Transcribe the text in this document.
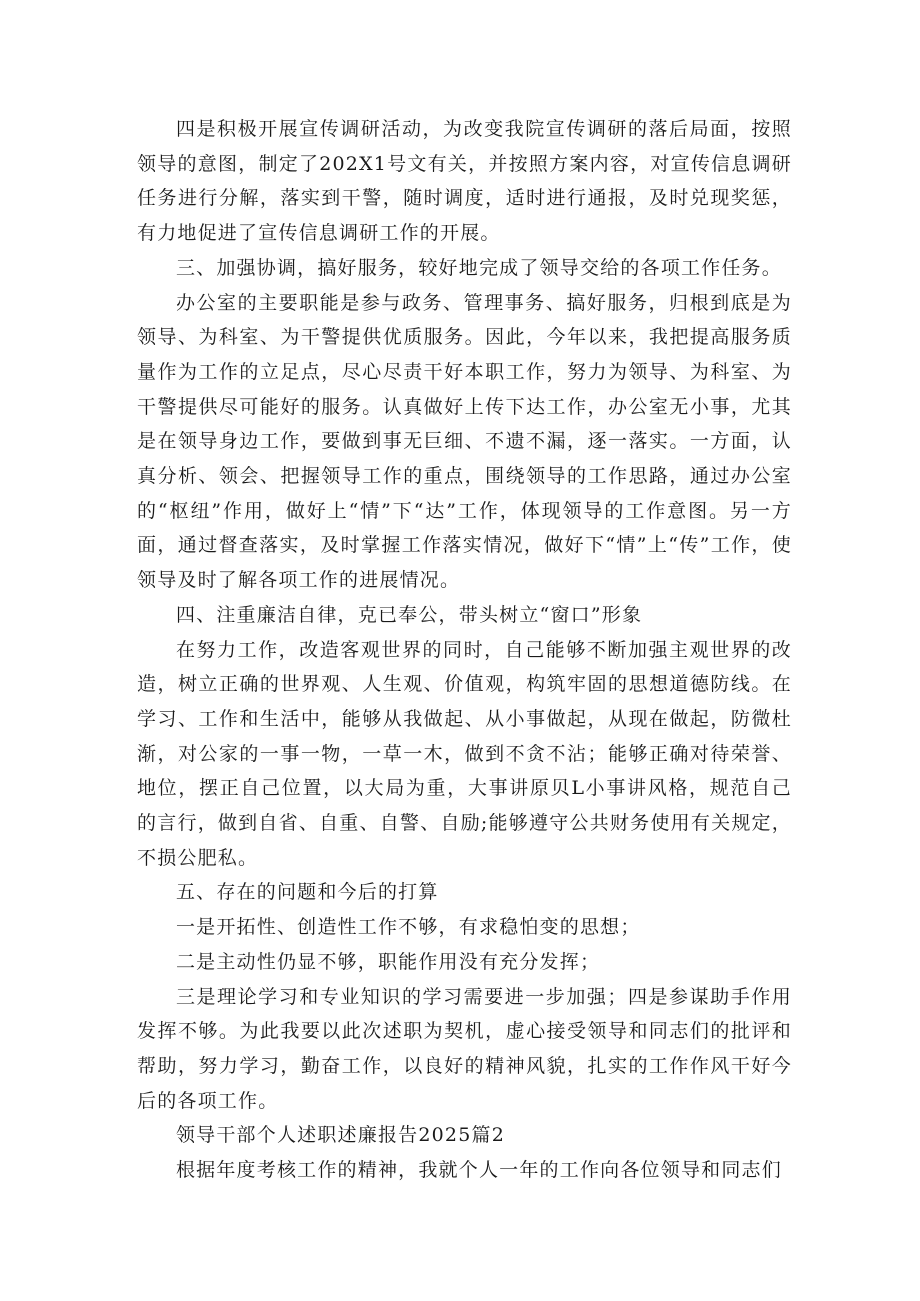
四是积极开展宣传调研活动，为改变我院宣传调研的落后局面，按照领导的意图，制定了202X1号文有关，并按照方案内容，对宣传信息调研任务进行分解，落实到干警，随时调度，适时进行通报，及时兑现奖惩，有力地促进了宣传信息调研工作的开展。

三、加强协调，搞好服务，较好地完成了领导交给的各项工作任务。

办公室的主要职能是参与政务、管理事务、搞好服务，归根到底是为领导、为科室、为干警提供优质服务。因此，今年以来，我把提高服务质量作为工作的立足点，尽心尽责干好本职工作，努力为领导、为科室、为干警提供尽可能好的服务。认真做好上传下达工作，办公室无小事，尤其是在领导身边工作，要做到事无巨细、不遗不漏，逐一落实。一方面，认真分析、领会、把握领导工作的重点，围绕领导的工作思路，通过办公室的“枢纽”作用，做好上“情”下“达”工作，体现领导的工作意图。另一方面，通过督查落实，及时掌握工作落实情况，做好下“情”上“传”工作，使领导及时了解各项工作的进展情况。

四、注重廉洁自律，克已奉公，带头树立“窗口”形象

在努力工作，改造客观世界的同时，自己能够不断加强主观世界的改造，树立正确的世界观、人生观、价值观，构筑牢固的思想道德防线。在学习、工作和生活中，能够从我做起、从小事做起，从现在做起，防微杜渐，对公家的一事一物，一草一木，做到不贪不沾；能够正确对待荣誉、地位，摆正自己位置，以大局为重，大事讲原贝L小事讲风格，规范自己的言行，做到自省、自重、自警、自励;能够遵守公共财务使用有关规定，不损公肥私。

五、存在的问题和今后的打算

一是开拓性、创造性工作不够，有求稳怕变的思想；

二是主动性仍显不够，职能作用没有充分发挥；

三是理论学习和专业知识的学习需要进一步加强；四是参谋助手作用发挥不够。为此我要以此次述职为契机，虚心接受领导和同志们的批评和帮助，努力学习，勤奋工作，以良好的精神风貌，扎实的工作作风干好今后的各项工作。

领导干部个人述职述廉报告2025篇2

根据年度考核工作的精神，我就个人一年的工作向各位领导和同志们
